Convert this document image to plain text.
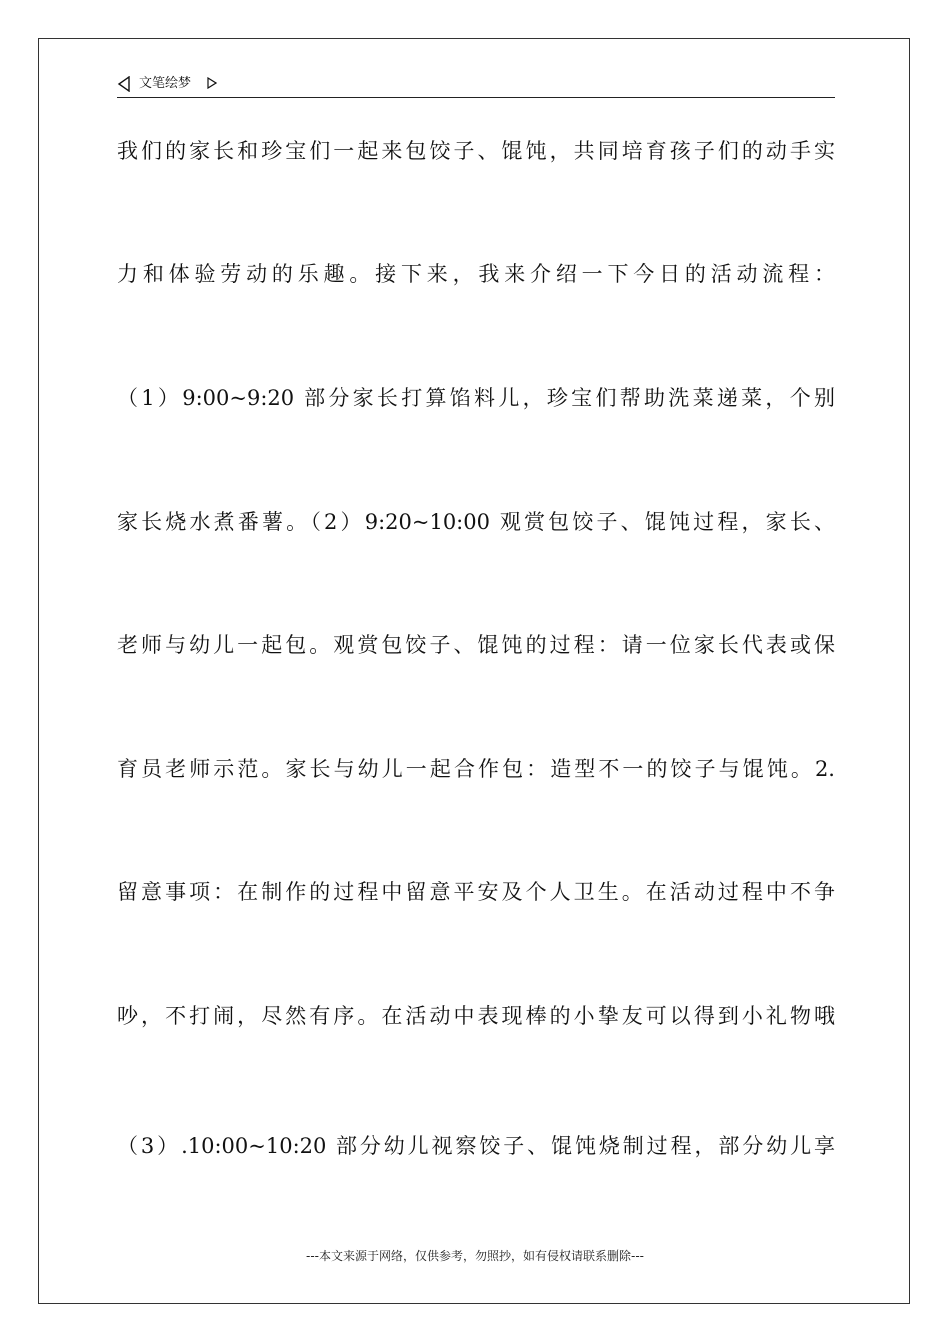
文笔绘梦
我们的家长和珍宝们一起来包饺子、馄饨，共同培育孩子们的动手实
力和体验劳动的乐趣。接下来，我来介绍一下今日的活动流程：
（1）9:00~9:20 部分家长打算馅料儿，珍宝们帮助洗菜递菜，个别
家长烧水煮番薯。（2）9:20~10:00 观赏包饺子、馄饨过程，家长、
老师与幼儿一起包。观赏包饺子、馄饨的过程：请一位家长代表或保
育员老师示范。家长与幼儿一起合作包：造型不一的饺子与馄饨。2.
留意事项：在制作的过程中留意平安及个人卫生。在活动过程中不争
吵，不打闹，尽然有序。在活动中表现棒的小挚友可以得到小礼物哦
（3）.10:00~10:20 部分幼儿视察饺子、馄饨烧制过程，部分幼儿享
---本文来源于网络，仅供参考，勿照抄，如有侵权请联系删除---
